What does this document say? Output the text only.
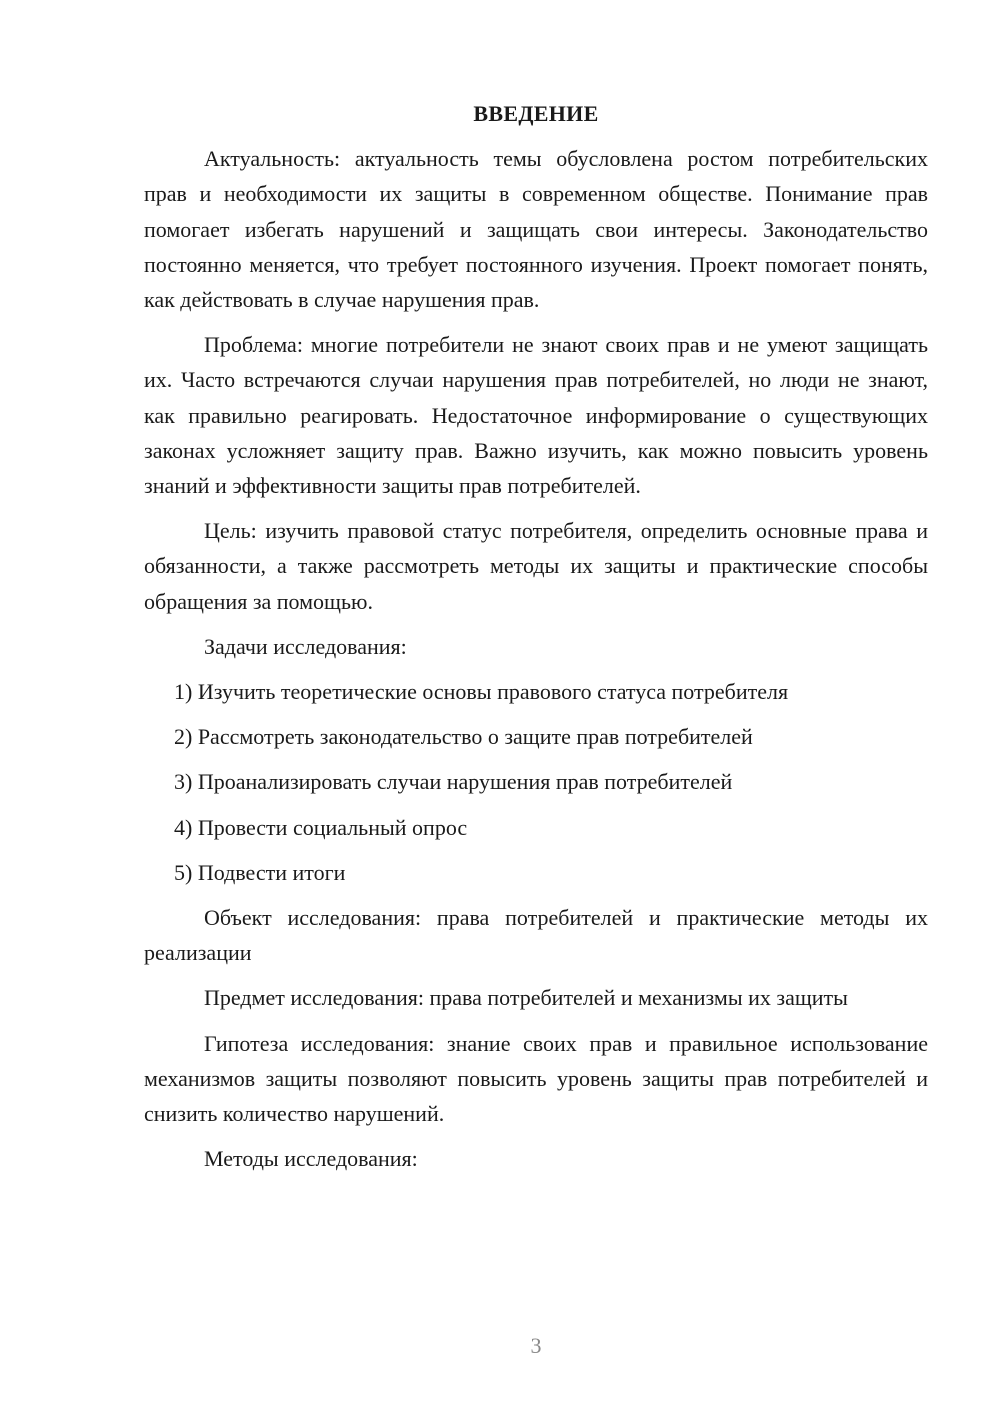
ВВЕДЕНИЕ

Актуальность: актуальность темы обусловлена ростом потребительских прав и необходимости их защиты в современном обществе. Понимание прав помогает избегать нарушений и защищать свои интересы. Законодательство постоянно меняется, что требует постоянного изучения. Проект помогает понять, как действовать в случае нарушения прав.

Проблема: многие потребители не знают своих прав и не умеют защищать их. Часто встречаются случаи нарушения прав потребителей, но люди не знают, как правильно реагировать. Недостаточное информирование о существующих законах усложняет защиту прав. Важно изучить, как можно повысить уровень знаний и эффективности защиты прав потребителей.

Цель: изучить правовой статус потребителя, определить основные права и обязанности, а также рассмотреть методы их защиты и практические способы обращения за помощью.

Задачи исследования:

1) Изучить теоретические основы правового статуса потребителя
2) Рассмотреть законодательство о защите прав потребителей
3) Проанализировать случаи нарушения прав потребителей
4) Провести социальный опрос
5) Подвести итоги

Объект исследования: права потребителей и практические методы их реализации

Предмет исследования: права потребителей и механизмы их защиты

Гипотеза исследования: знание своих прав и правильное использование механизмов защиты позволяют повысить уровень защиты прав потребителей и снизить количество нарушений.

Методы исследования:

3
